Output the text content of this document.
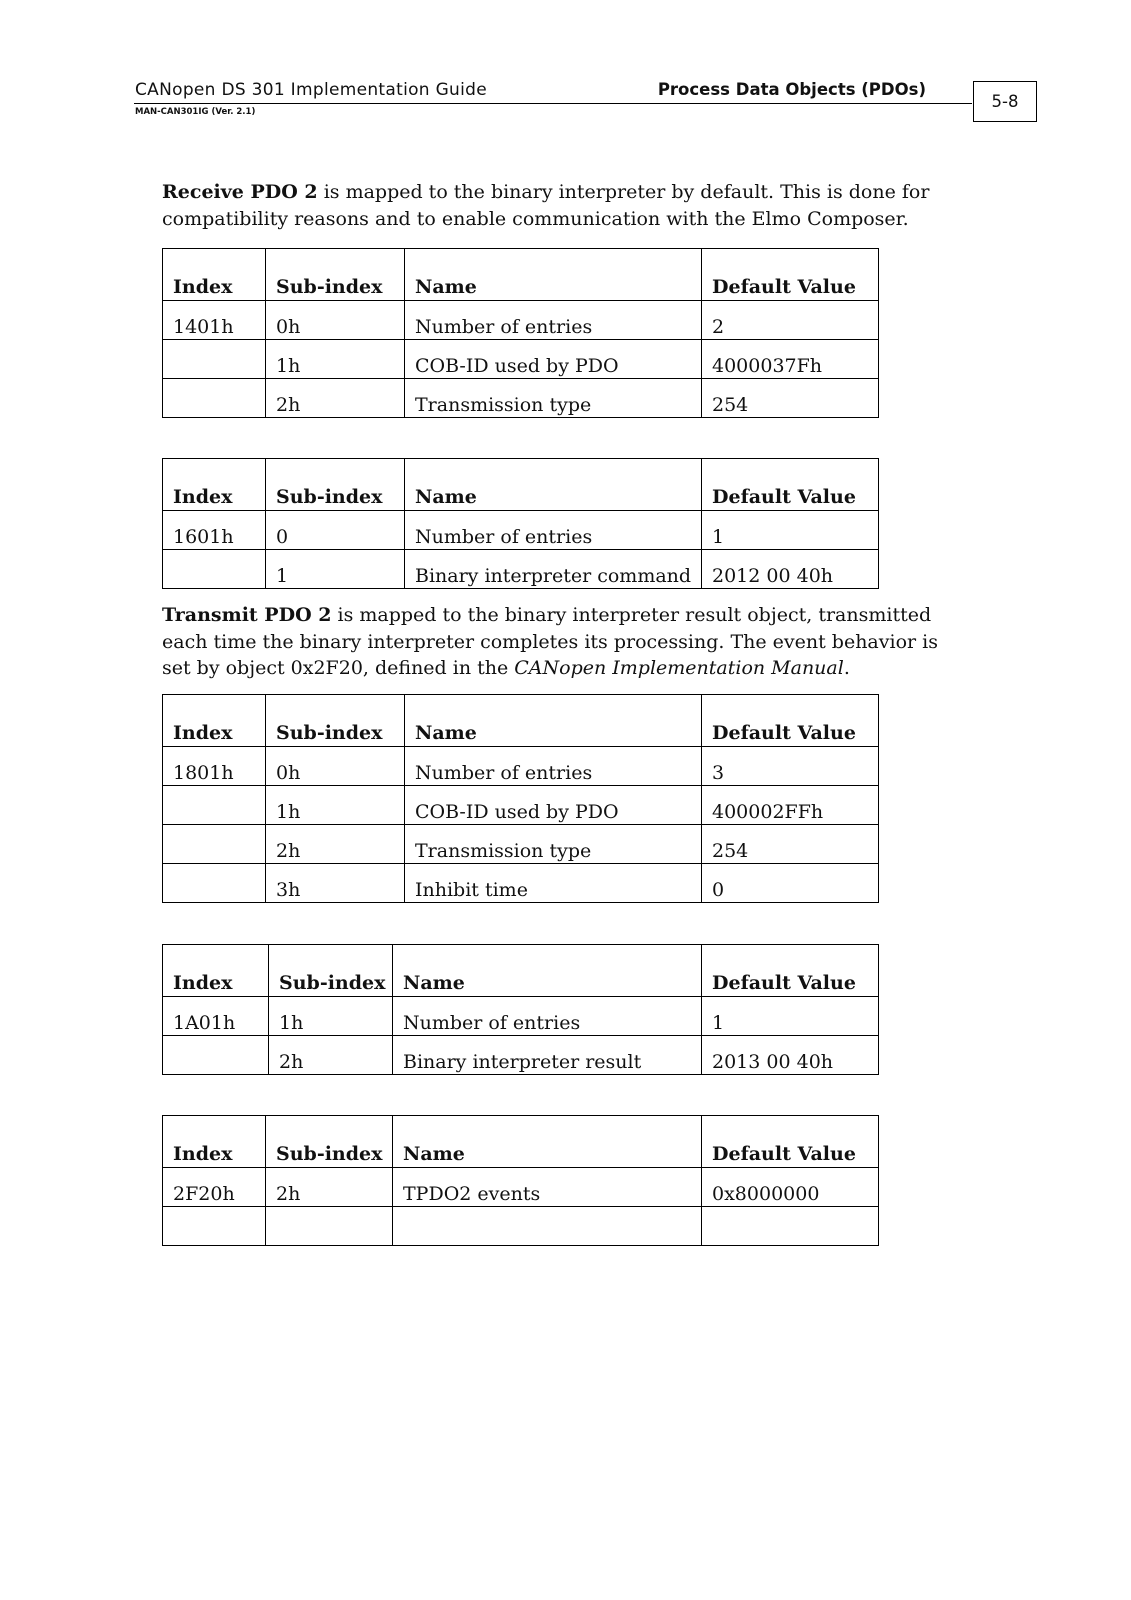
CANopen DS 301 Implementation Guide
MAN-CAN301IG (Ver. 2.1)
Process Data Objects (PDOs)
5-8

Receive PDO 2 is mapped to the binary interpreter by default. This is done for compatibility reasons and to enable communication with the Elmo Composer.

Index	Sub-index	Name	Default Value
1401h	0h	Number of entries	2
	1h	COB-ID used by PDO	4000037Fh
	2h	Transmission type	254
Index	Sub-index	Name	Default Value
1601h	0	Number of entries	1
	1	Binary interpreter command	2012 00 40h

Transmit PDO 2 is mapped to the binary interpreter result object, transmitted each time the binary interpreter completes its processing. The event behavior is set by object 0x2F20, defined in the CANopen Implementation Manual.

Index	Sub-index	Name	Default Value
1801h	0h	Number of entries	3
	1h	COB-ID used by PDO	400002FFh
	2h	Transmission type	254
	3h	Inhibit time	0
Index	Sub-index	Name	Default Value
1A01h	1h	Number of entries	1
	2h	Binary interpreter result	2013 00 40h
Index	Sub-index	Name	Default Value
2F20h	2h	TPDO2 events	0x8000000
